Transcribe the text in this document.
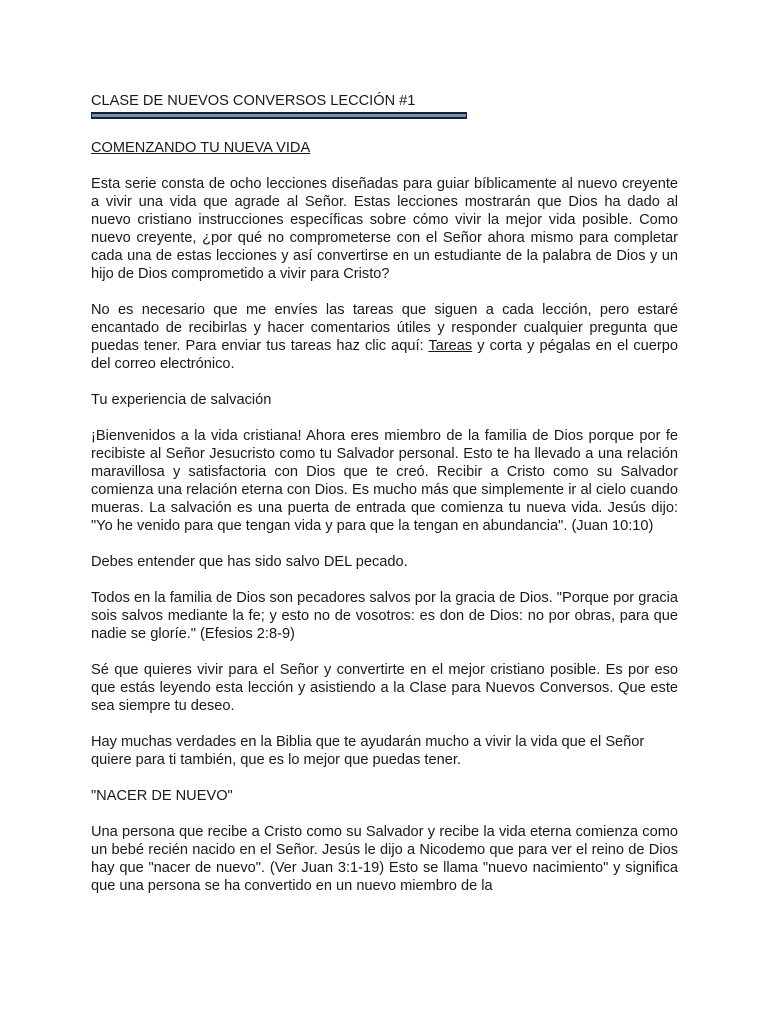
CLASE DE NUEVOS CONVERSOS LECCIÓN #1

COMENZANDO TU NUEVA VIDA

Esta serie consta de ocho lecciones diseñadas para guiar bíblicamente al nuevo creyente a vivir una vida que agrade al Señor. Estas lecciones mostrarán que Dios ha dado al nuevo cristiano instrucciones específicas sobre cómo vivir la mejor vida posible. Como nuevo creyente, ¿por qué no comprometerse con el Señor ahora mismo para completar cada una de estas lecciones y así convertirse en un estudiante de la palabra de Dios y un hijo de Dios comprometido a vivir para Cristo?

No es necesario que me envíes las tareas que siguen a cada lección, pero estaré encantado de recibirlas y hacer comentarios útiles y responder cualquier pregunta que puedas tener. Para enviar tus tareas haz clic aquí: Tareas y corta y pégalas en el cuerpo del correo electrónico.

Tu experiencia de salvación

¡Bienvenidos a la vida cristiana! Ahora eres miembro de la familia de Dios porque por fe recibiste al Señor Jesucristo como tu Salvador personal. Esto te ha llevado a una relación maravillosa y satisfactoria con Dios que te creó. Recibir a Cristo como su Salvador comienza una relación eterna con Dios. Es mucho más que simplemente ir al cielo cuando mueras. La salvación es una puerta de entrada que comienza tu nueva vida. Jesús dijo: "Yo he venido para que tengan vida y para que la tengan en abundancia". (Juan 10:10)

Debes entender que has sido salvo DEL pecado.

Todos en la familia de Dios son pecadores salvos por la gracia de Dios. "Porque por gracia sois salvos mediante la fe; y esto no de vosotros: es don de Dios: no por obras, para que nadie se gloríe." (Efesios 2:8-9)

Sé que quieres vivir para el Señor y convertirte en el mejor cristiano posible. Es por eso que estás leyendo esta lección y asistiendo a la Clase para Nuevos Conversos. Que este sea siempre tu deseo.

Hay muchas verdades en la Biblia que te ayudarán mucho a vivir la vida que el Señor quiere para ti también, que es lo mejor que puedas tener.

"NACER DE NUEVO"

Una persona que recibe a Cristo como su Salvador y recibe la vida eterna comienza como un bebé recién nacido en el Señor. Jesús le dijo a Nicodemo que para ver el reino de Dios hay que "nacer de nuevo". (Ver Juan 3:1-19) Esto se llama "nuevo nacimiento" y significa que una persona se ha convertido en un nuevo miembro de la
